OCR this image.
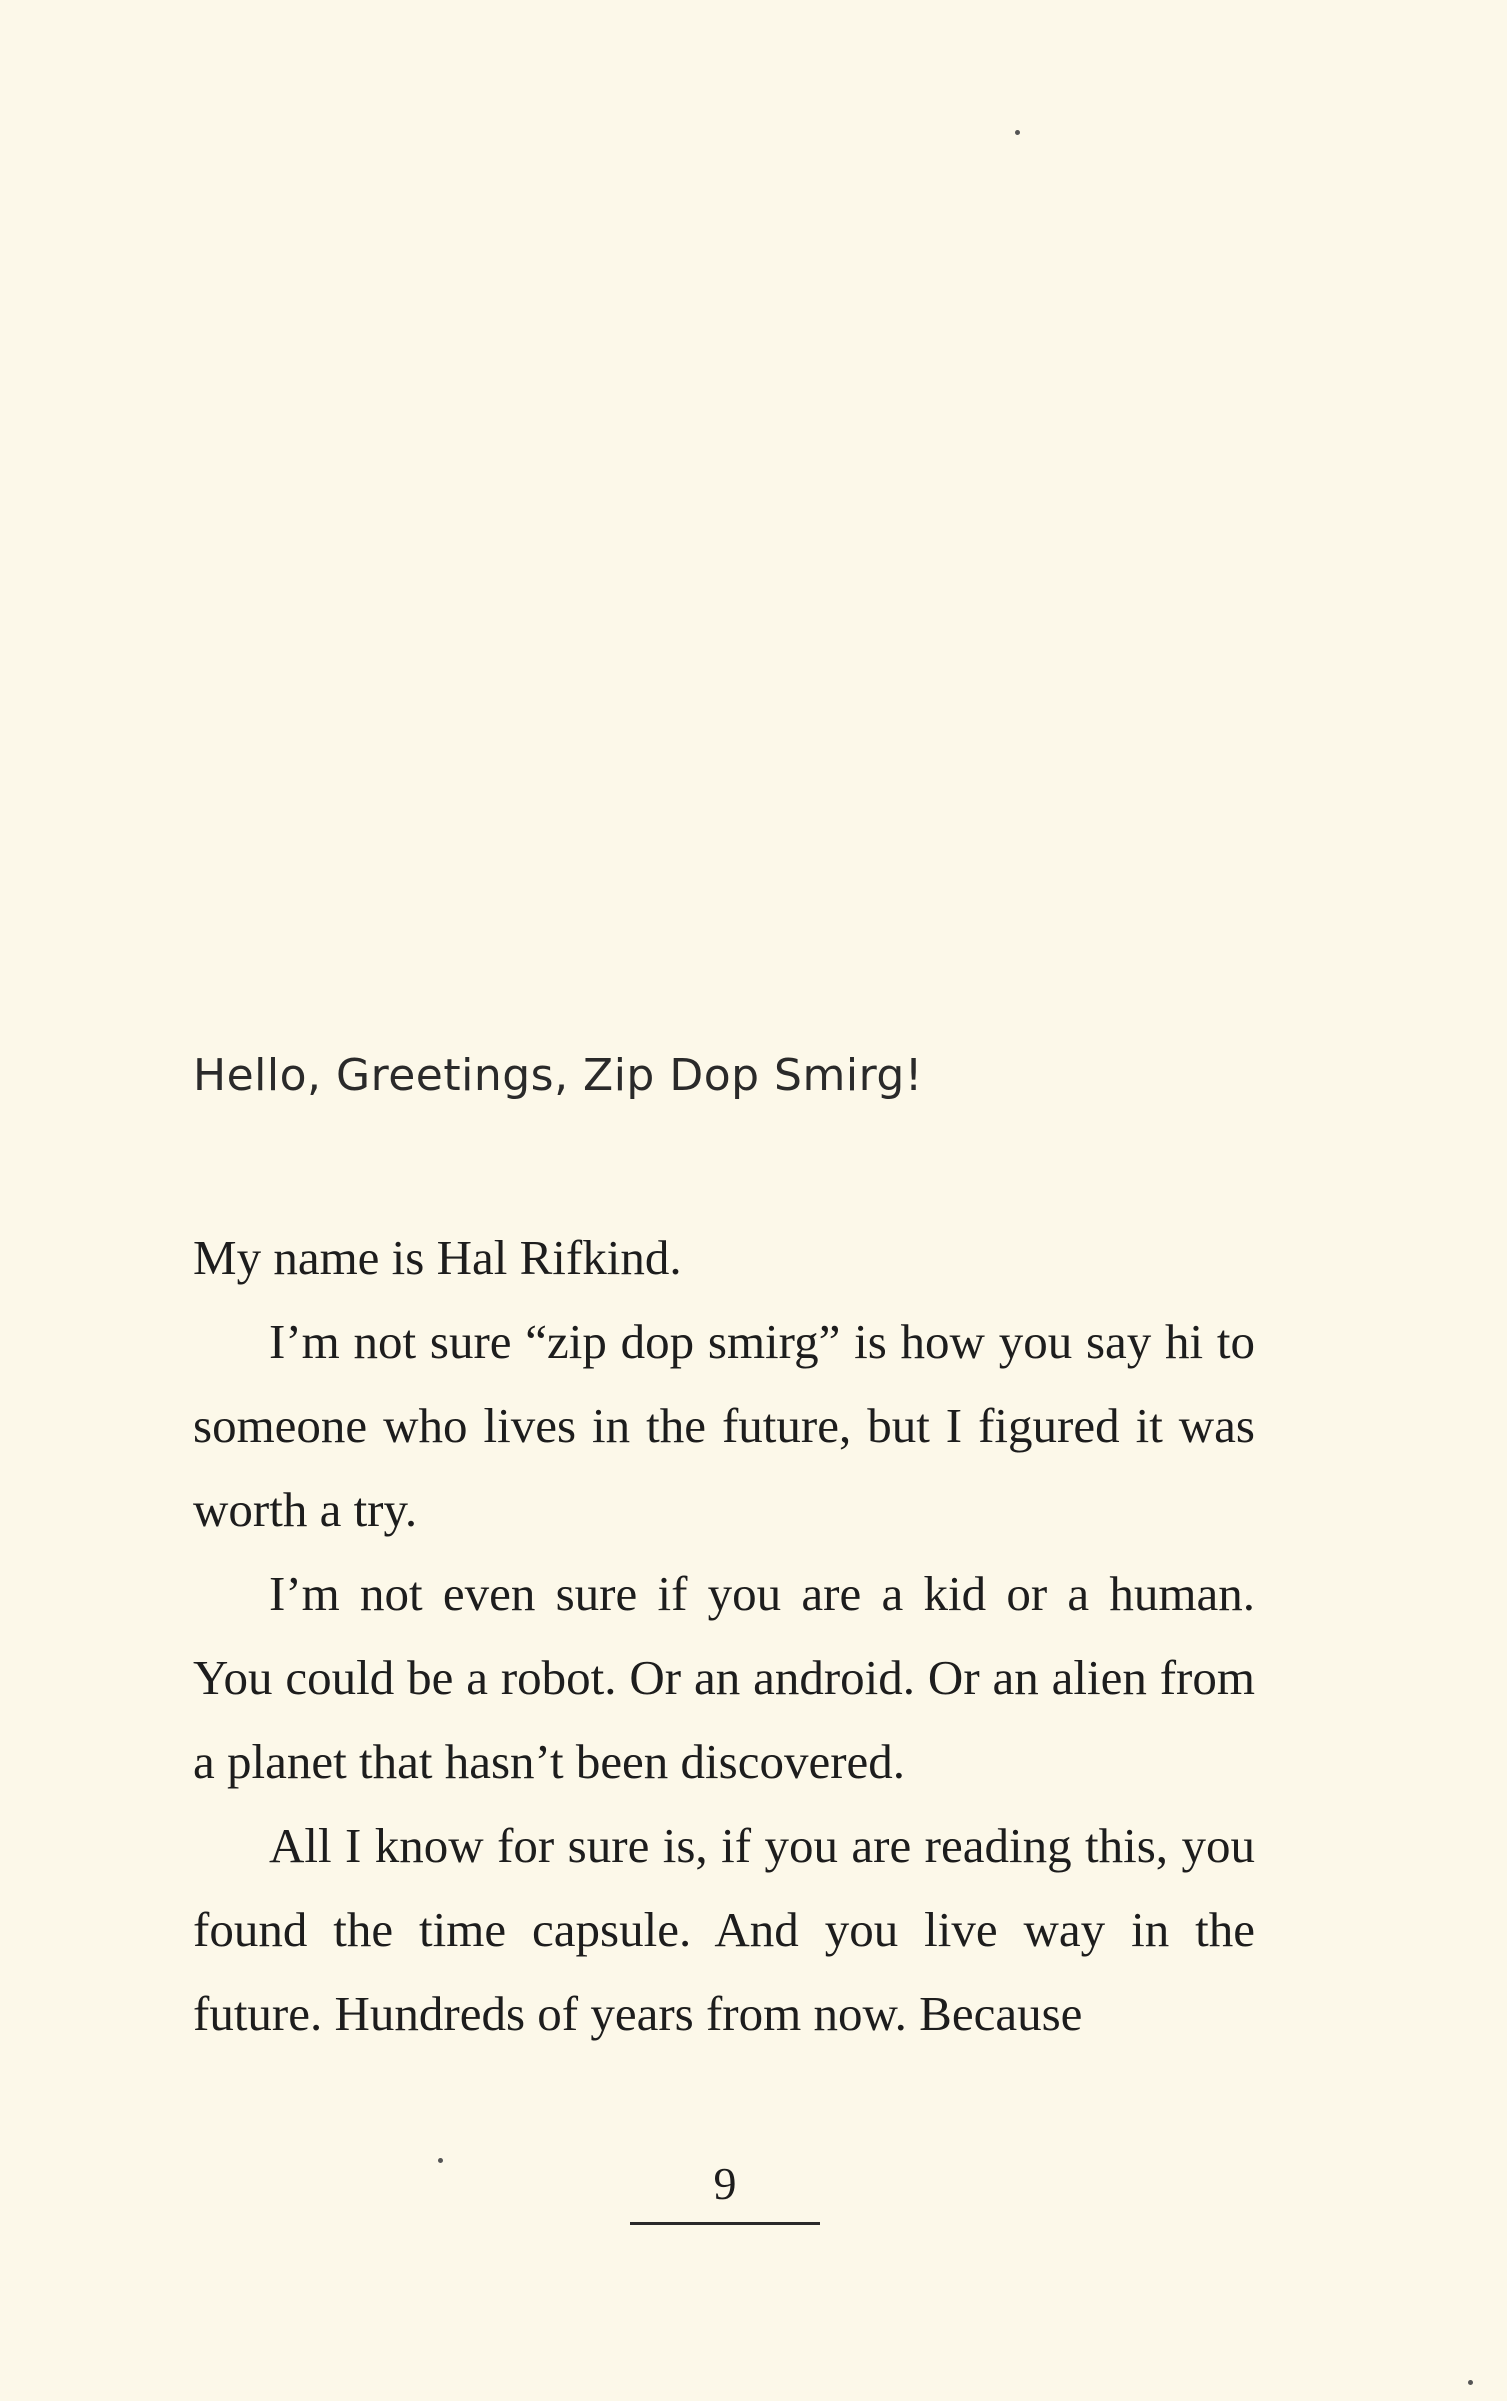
Hello, Greetings, Zip Dop Smirg!

My name is Hal Rifkind.

I’m not sure “zip dop smirg” is how you say hi to someone who lives in the future, but I figured it was worth a try.

I’m not even sure if you are a kid or a human. You could be a robot. Or an android. Or an alien from a planet that hasn’t been discovered.

All I know for sure is, if you are reading this, you found the time capsule. And you live way in the future. Hundreds of years from now. Because

9
